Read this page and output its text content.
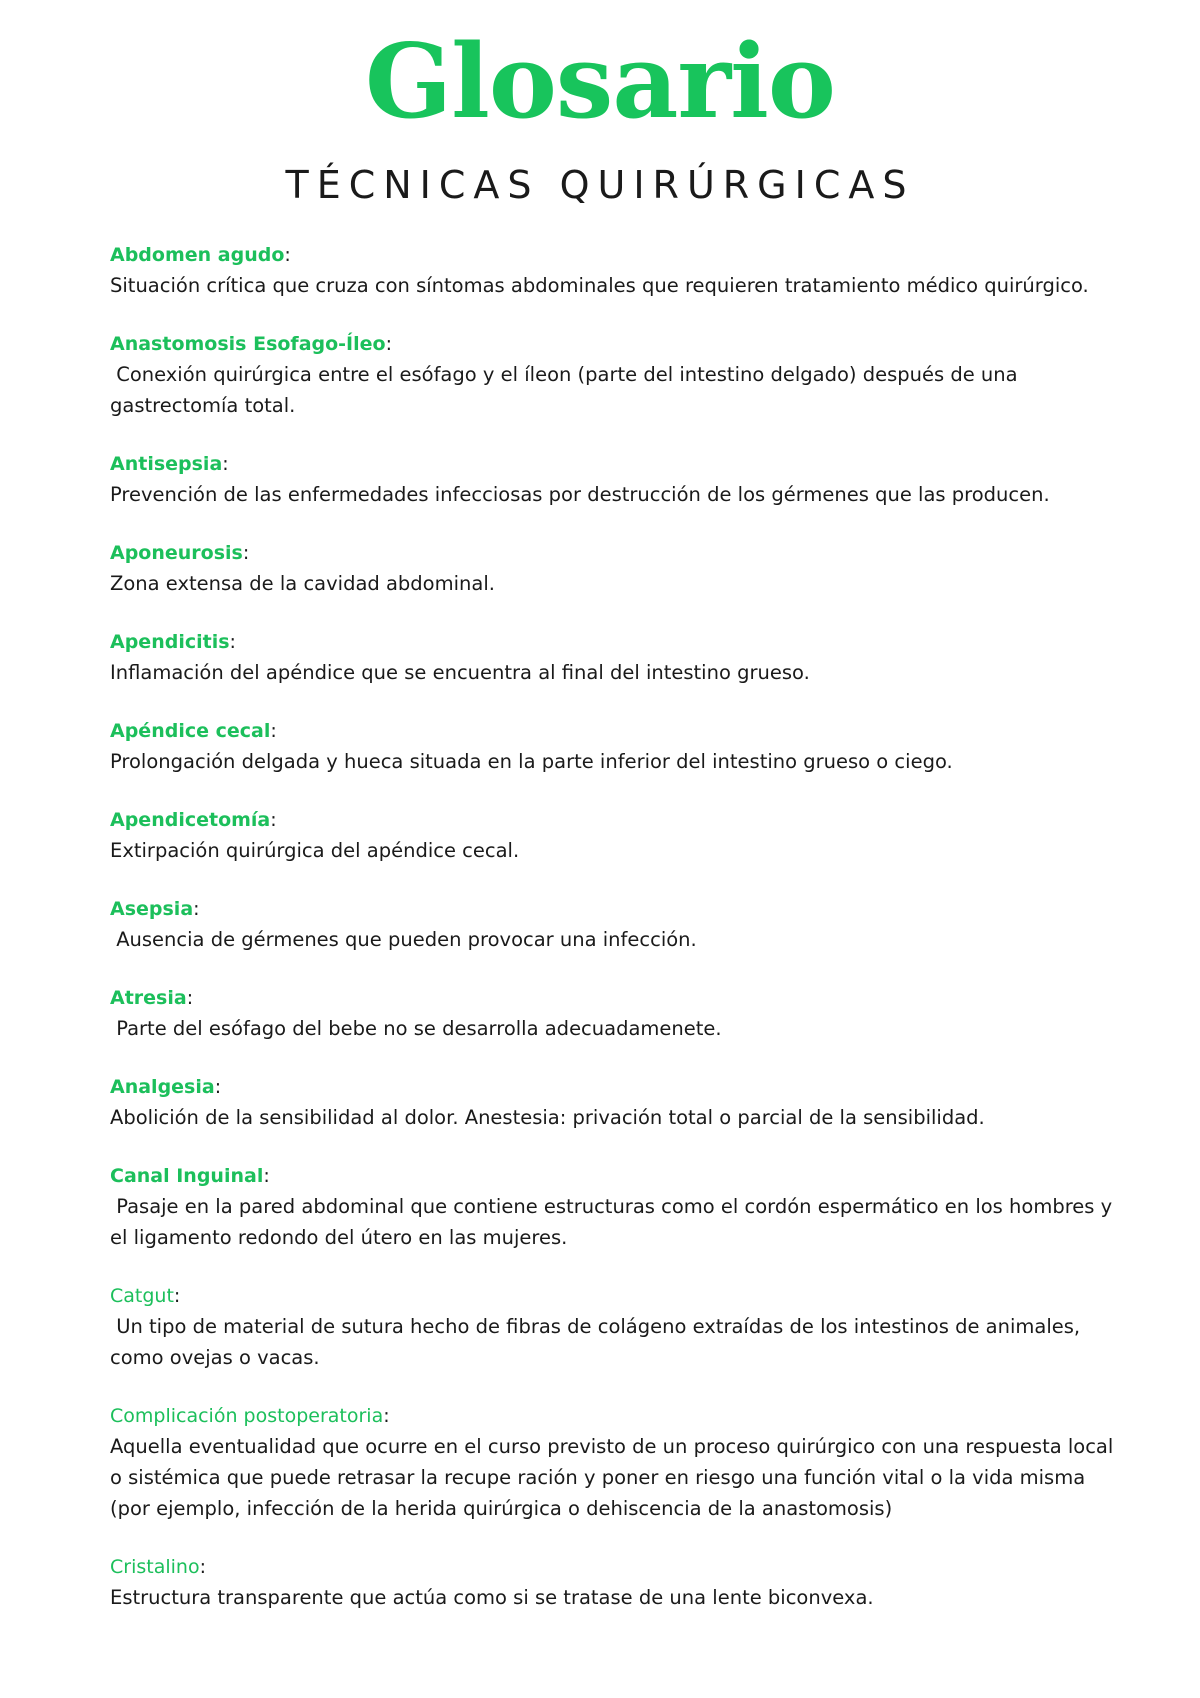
Glosario
TÉCNICAS QUIRÚRGICAS
Abdomen agudo:
Situación crítica que cruza con síntomas abdominales que requieren tratamiento médico quirúrgico.
Anastomosis Esofago-Íleo:
Conexión quirúrgica entre el esófago y el íleon (parte del intestino delgado) después de una gastrectomía total.
Antisepsia:
Prevención de las enfermedades infecciosas por destrucción de los gérmenes que las producen.
Aponeurosis:
Zona extensa de la cavidad abdominal.
Apendicitis:
Inflamación del apéndice que se encuentra al final del intestino grueso.
Apéndice cecal:
Prolongación delgada y hueca situada en la parte inferior del intestino grueso o ciego.
Apendicetomía:
Extirpación quirúrgica del apéndice cecal.
Asepsia:
Ausencia de gérmenes que pueden provocar una infección.
Atresia:
Parte del esófago del bebe no se desarrolla adecuadamenete.
Analgesia:
Abolición de la sensibilidad al dolor. Anestesia: privación total o parcial de la sensibilidad.
Canal Inguinal:
Pasaje en la pared abdominal que contiene estructuras como el cordón espermático en los hombres y el ligamento redondo del útero en las mujeres.
Catgut:
Un tipo de material de sutura hecho de fibras de colágeno extraídas de los intestinos de animales, como ovejas o vacas.
Complicación postoperatoria:
Aquella eventualidad que ocurre en el curso previsto de un proceso quirúrgico con una respuesta local o sistémica que puede retrasar la recupe ración y poner en riesgo una función vital o la vida misma (por ejemplo, infección de la herida quirúrgica o dehiscencia de la anastomosis)
Cristalino:
Estructura transparente que actúa como si se tratase de una lente biconvexa.
